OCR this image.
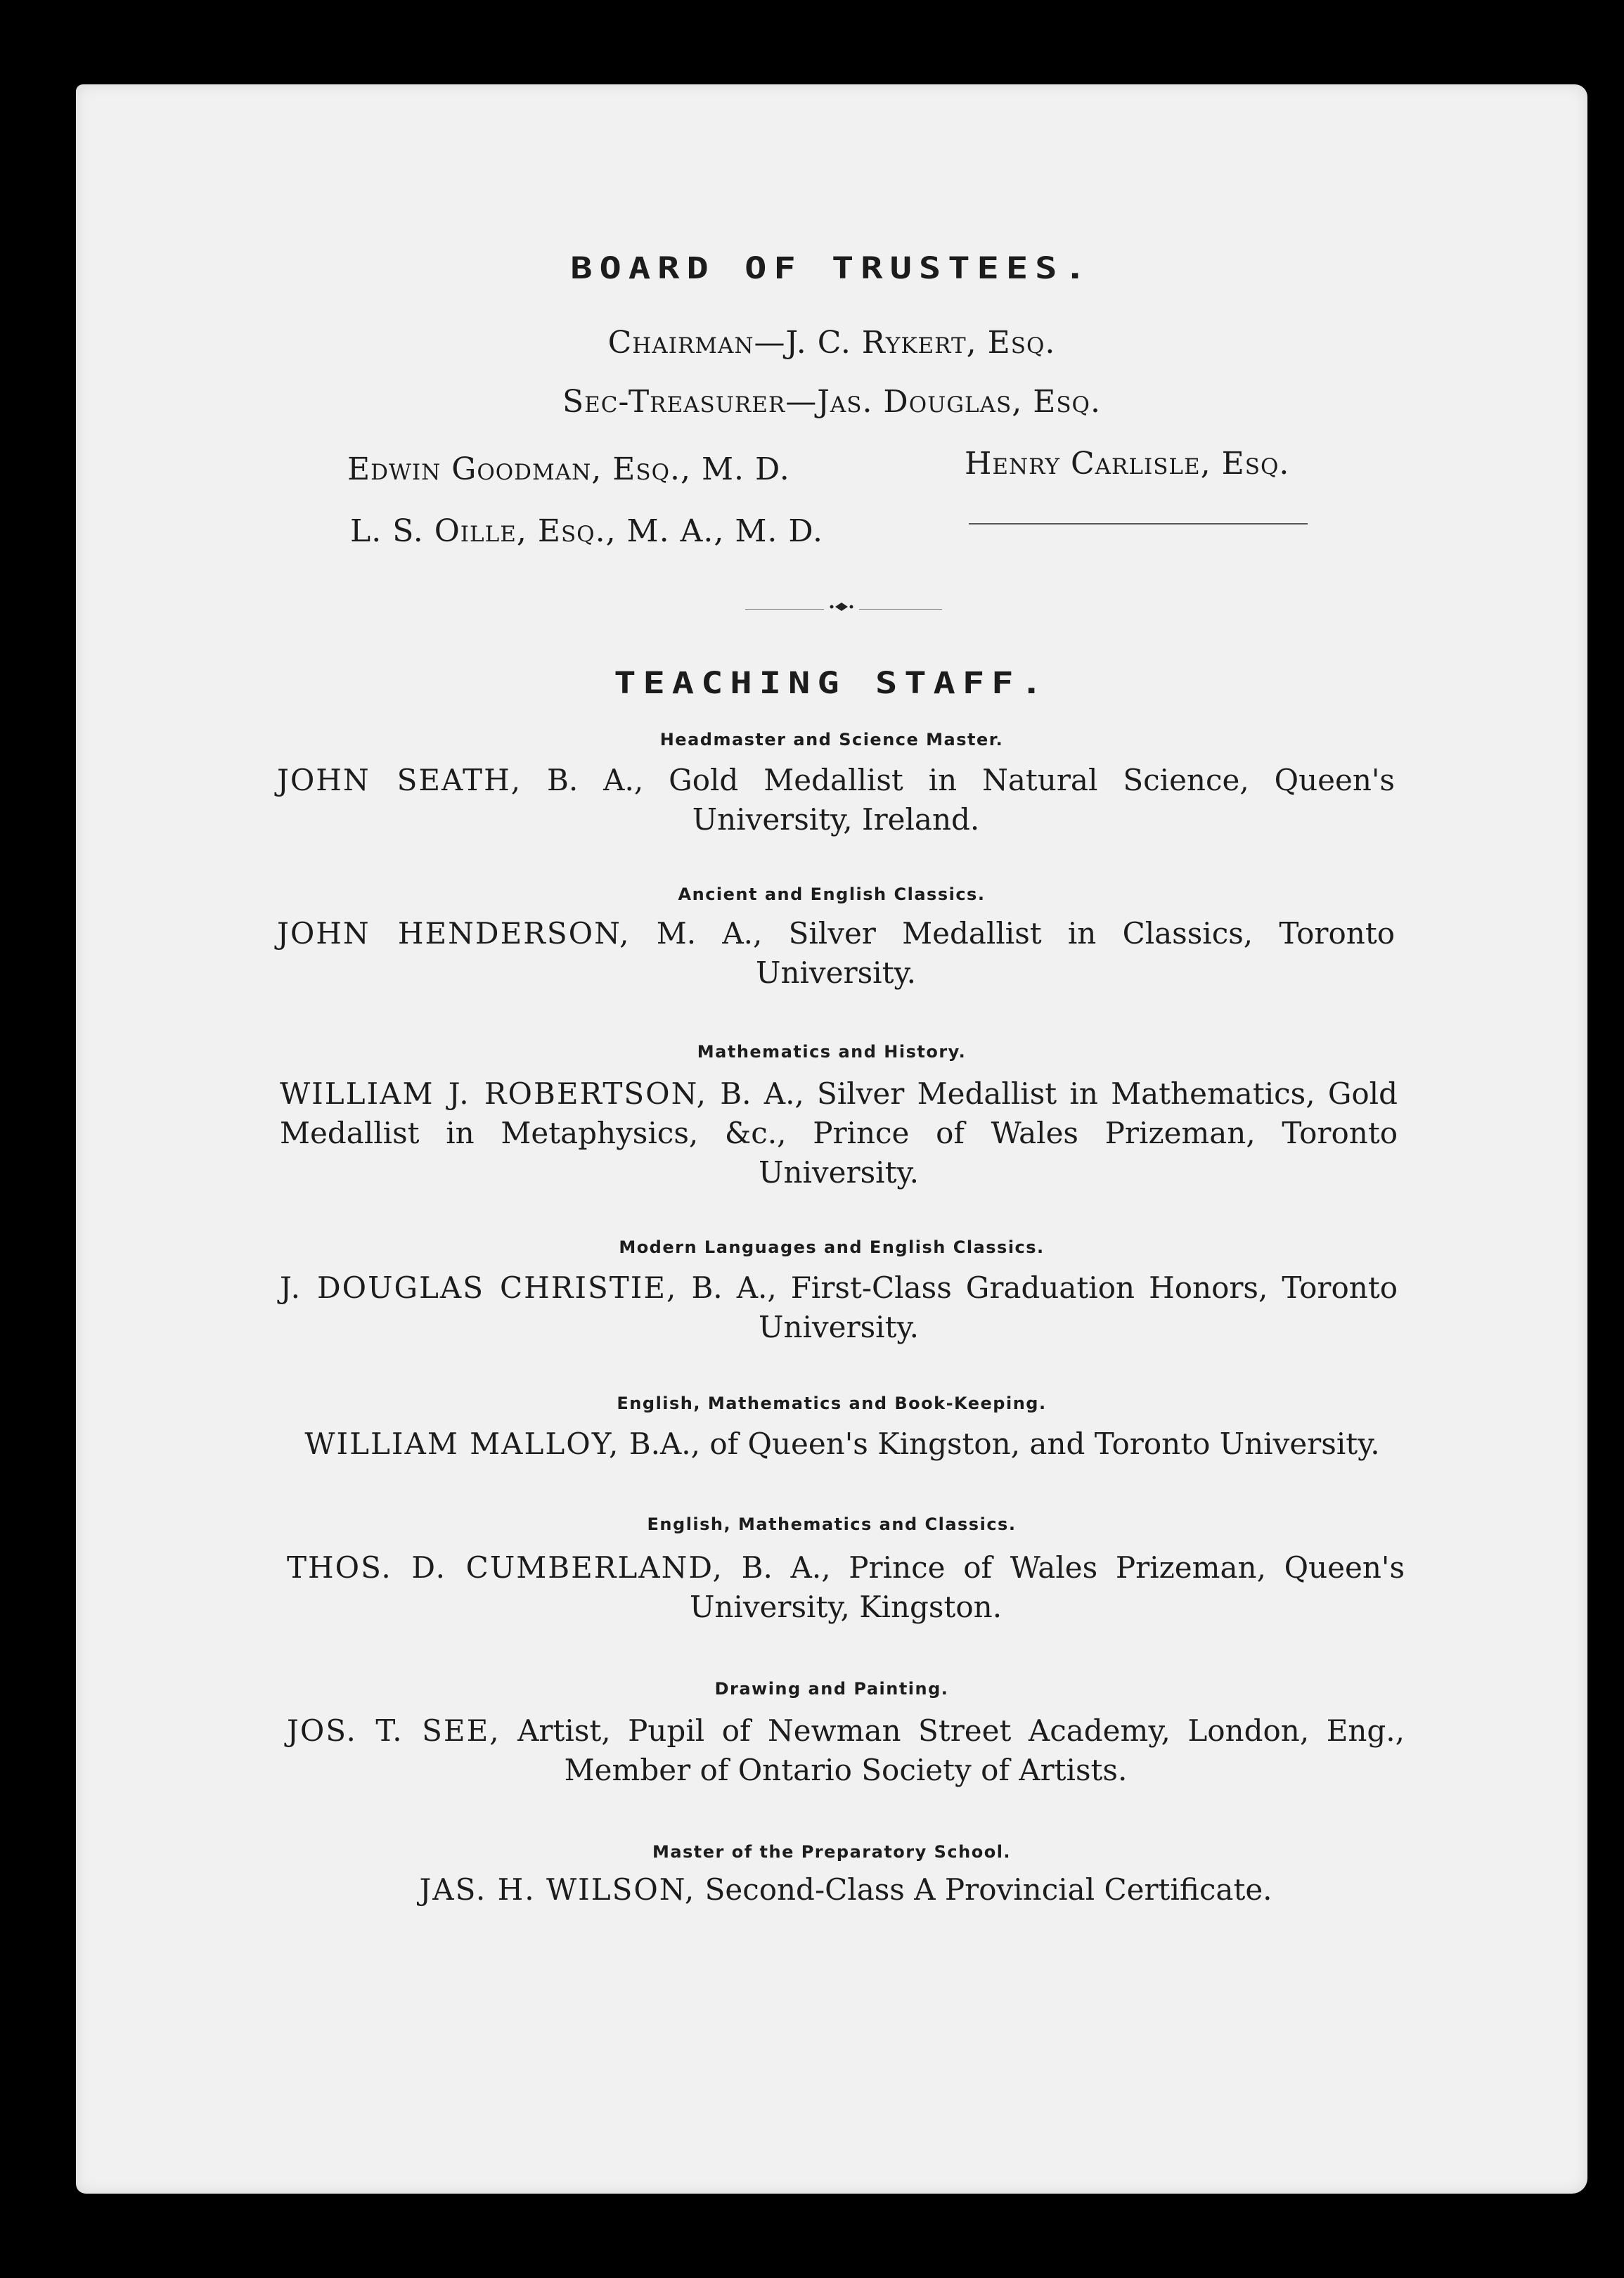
BOARD OF TRUSTEES.
Chairman—J. C. Rykert, Esq.
Sec-Treasurer—Jas. Douglas, Esq.
Edwin Goodman, Esq., M. D.	Henry Carlisle, Esq.
L. S. Oille, Esq., M. A., M. D.
TEACHING STAFF.
Headmaster and Science Master.
JOHN SEATH, B. A., Gold Medallist in Natural Science, Queen's University, Ireland.
Ancient and English Classics.
JOHN HENDERSON, M. A., Silver Medallist in Classics, Toronto University.
Mathematics and History.
WILLIAM J. ROBERTSON, B. A., Silver Medallist in Mathematics, Gold Medallist in Metaphysics, &c., Prince of Wales Prizeman, Toronto University.
Modern Languages and English Classics.
J. DOUGLAS CHRISTIE, B. A., First-Class Graduation Honors, Toronto University.
English, Mathematics and Book-Keeping.
WILLIAM MALLOY, B.A., of Queen's Kingston, and Toronto University.
English, Mathematics and Classics.
THOS. D. CUMBERLAND, B. A., Prince of Wales Prizeman, Queen's University, Kingston.
Drawing and Painting.
JOS. T. SEE, Artist, Pupil of Newman Street Academy, London, Eng., Member of Ontario Society of Artists.
Master of the Preparatory School.
JAS. H. WILSON, Second-Class A Provincial Certificate.
